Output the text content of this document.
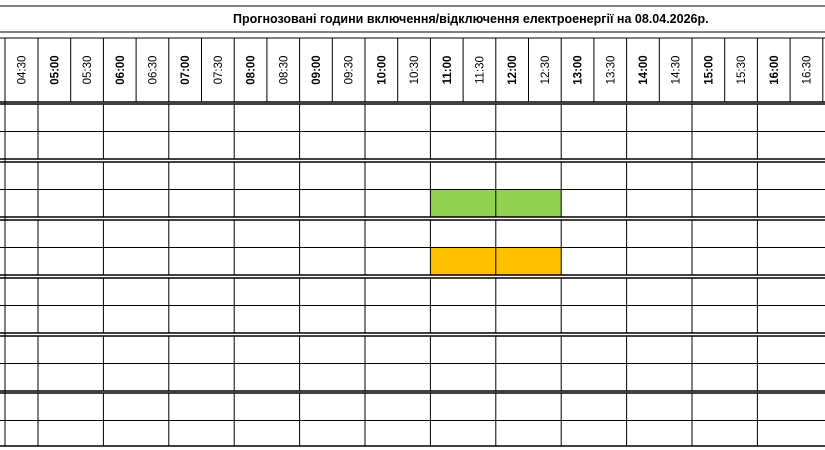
Прогнозовані години включення/відключення електроенергії на 08.04.2026р.
04:30 05:00 05:30 06:00 06:30 07:00 07:30 08:00 08:30 09:00 09:30 10:00 10:30 11:00 11:30 12:00 12:30 13:00 13:30 14:00 14:30 15:00 15:30 16:00 16:30
